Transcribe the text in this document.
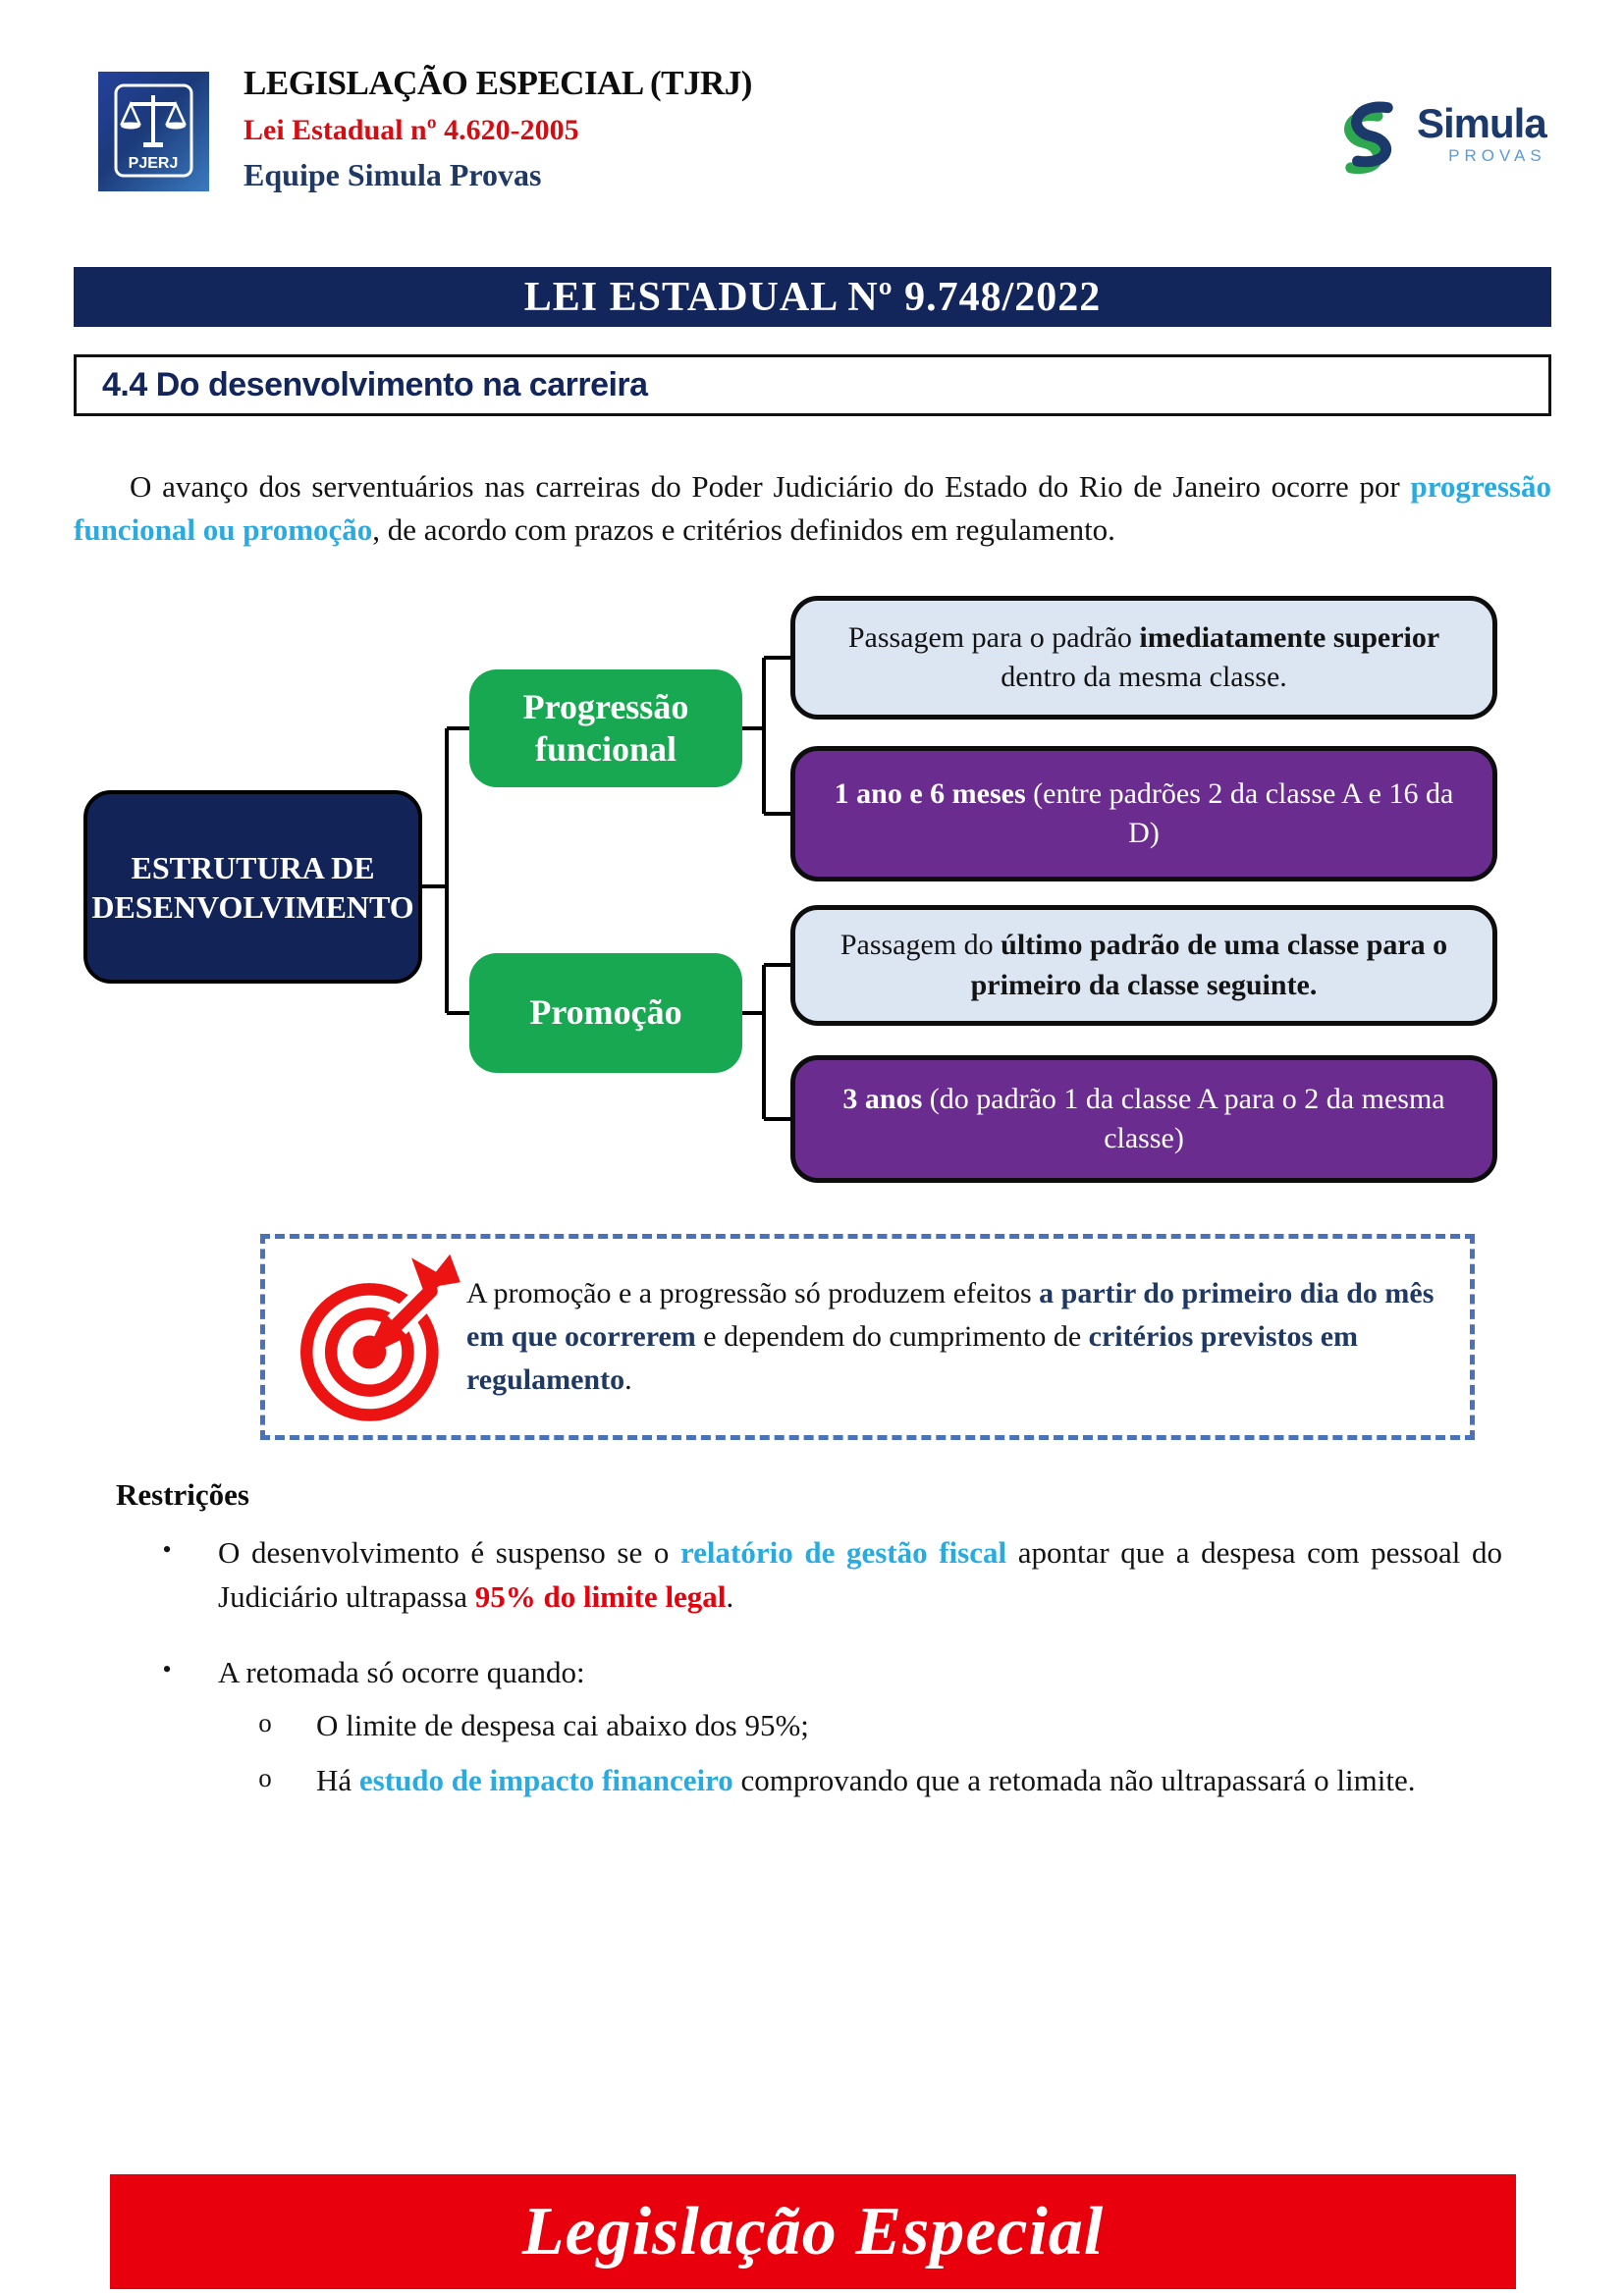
PJERJ
LEGISLAÇÃO ESPECIAL (TJRJ)
Lei Estadual nº 4.620-2005
Equipe Simula Provas
Simula
PROVAS
LEI ESTADUAL Nº 9.748/2022
4.4 Do desenvolvimento na carreira

O avanço dos serventuários nas carreiras do Poder Judiciário do Estado do Rio de Janeiro ocorre por progressão funcional ou promoção, de acordo com prazos e critérios definidos em regulamento.

ESTRUTURA DE DESENVOLVIMENTO
Progressão funcional
Passagem para o padrão imediatamente superior dentro da mesma classe.
1 ano e 6 meses (entre padrões 2 da classe A e 16 da D)
Promoção
Passagem do último padrão de uma classe para o primeiro da classe seguinte.
3 anos (do padrão 1 da classe A para o 2 da mesma classe)
A promoção e a progressão só produzem efeitos a partir do primeiro dia do mês em que ocorrerem e dependem do cumprimento de critérios previstos em regulamento.
Restrições
•	O desenvolvimento é suspenso se o relatório de gestão fiscal apontar que a despesa com pessoal do Judiciário ultrapassa 95% do limite legal.
•	A retomada só ocorre quando:
o	O limite de despesa cai abaixo dos 95%;
o	Há estudo de impacto financeiro comprovando que a retomada não ultrapassará o limite.
Legislação Especial
